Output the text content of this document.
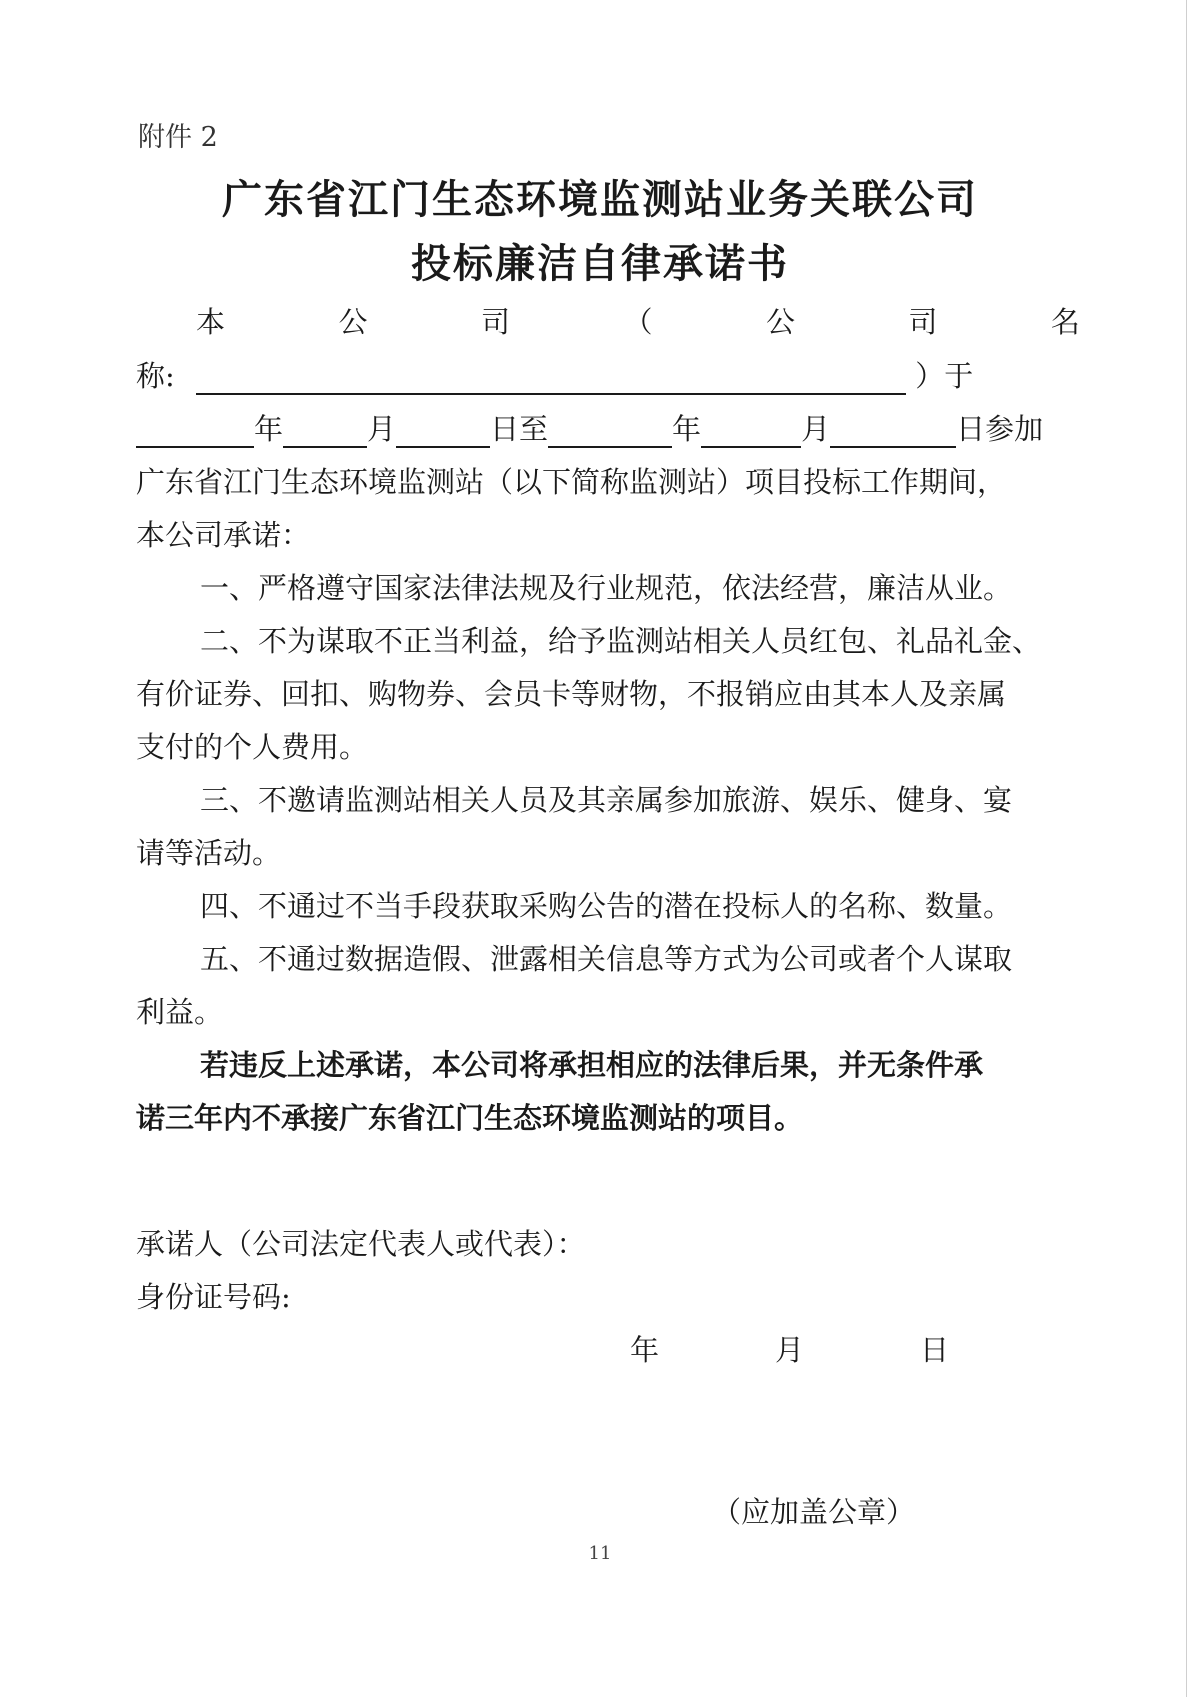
附件 2
广东省江门生态环境监测站业务关联公司
投标廉洁自律承诺书
本	公	司	（	公	司	名
称:	）于
年	月	日至	年	月	日参加
广东省江门生态环境监测站（以下简称监测站）项目投标工作期间，
本公司承诺：
一、严格遵守国家法律法规及行业规范，依法经营，廉洁从业。
二、不为谋取不正当利益，给予监测站相关人员红包、礼品礼金、
有价证券、回扣、购物券、会员卡等财物，不报销应由其本人及亲属
支付的个人费用。
三、不邀请监测站相关人员及其亲属参加旅游、娱乐、健身、宴
请等活动。
四、不通过不当手段获取采购公告的潜在投标人的名称、数量。
五、不通过数据造假、泄露相关信息等方式为公司或者个人谋取
利益。
若违反上述承诺，本公司将承担相应的法律后果，并无条件承
诺三年内不承接广东省江门生态环境监测站的项目。
承诺人（公司法定代表人或代表）：
身份证号码:
年	月	日
（应加盖公章）
11
